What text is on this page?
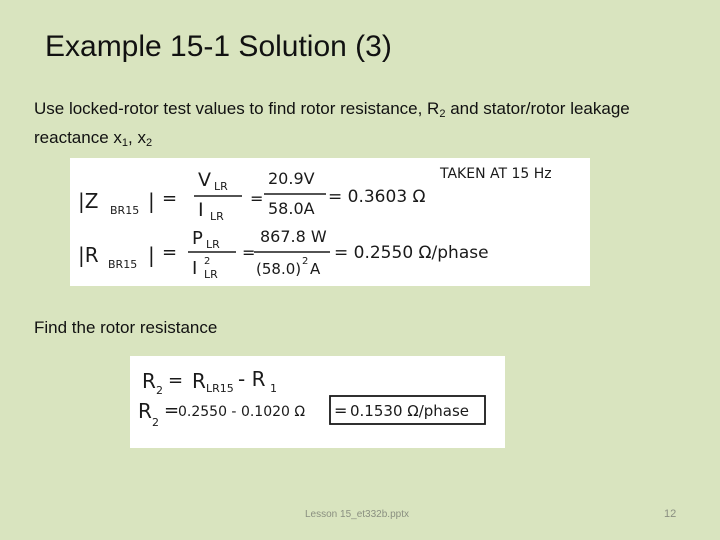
Example 15-1 Solution (3)
Use locked-rotor test values to find rotor resistance, $R_2$ and stator/rotor leakage
reactance $x_1$, $x_2$
|Z BR15 | =
V LR
I LR
=
20.9V
58.0A
= 0.3603 Ω
TAKEN AT 15 Hz
|R BR15 | =
P LR
I 2
LR
=
867.8 W
(58.0) 2 A
= 0.2550 Ω/phase
Find the rotor resistance
R 2 = R LR15 - R 1
R 2
=
0.2550 - 0.1020 Ω = 0.1530 Ω/phase
Lesson 15_et332b.pptx	12
